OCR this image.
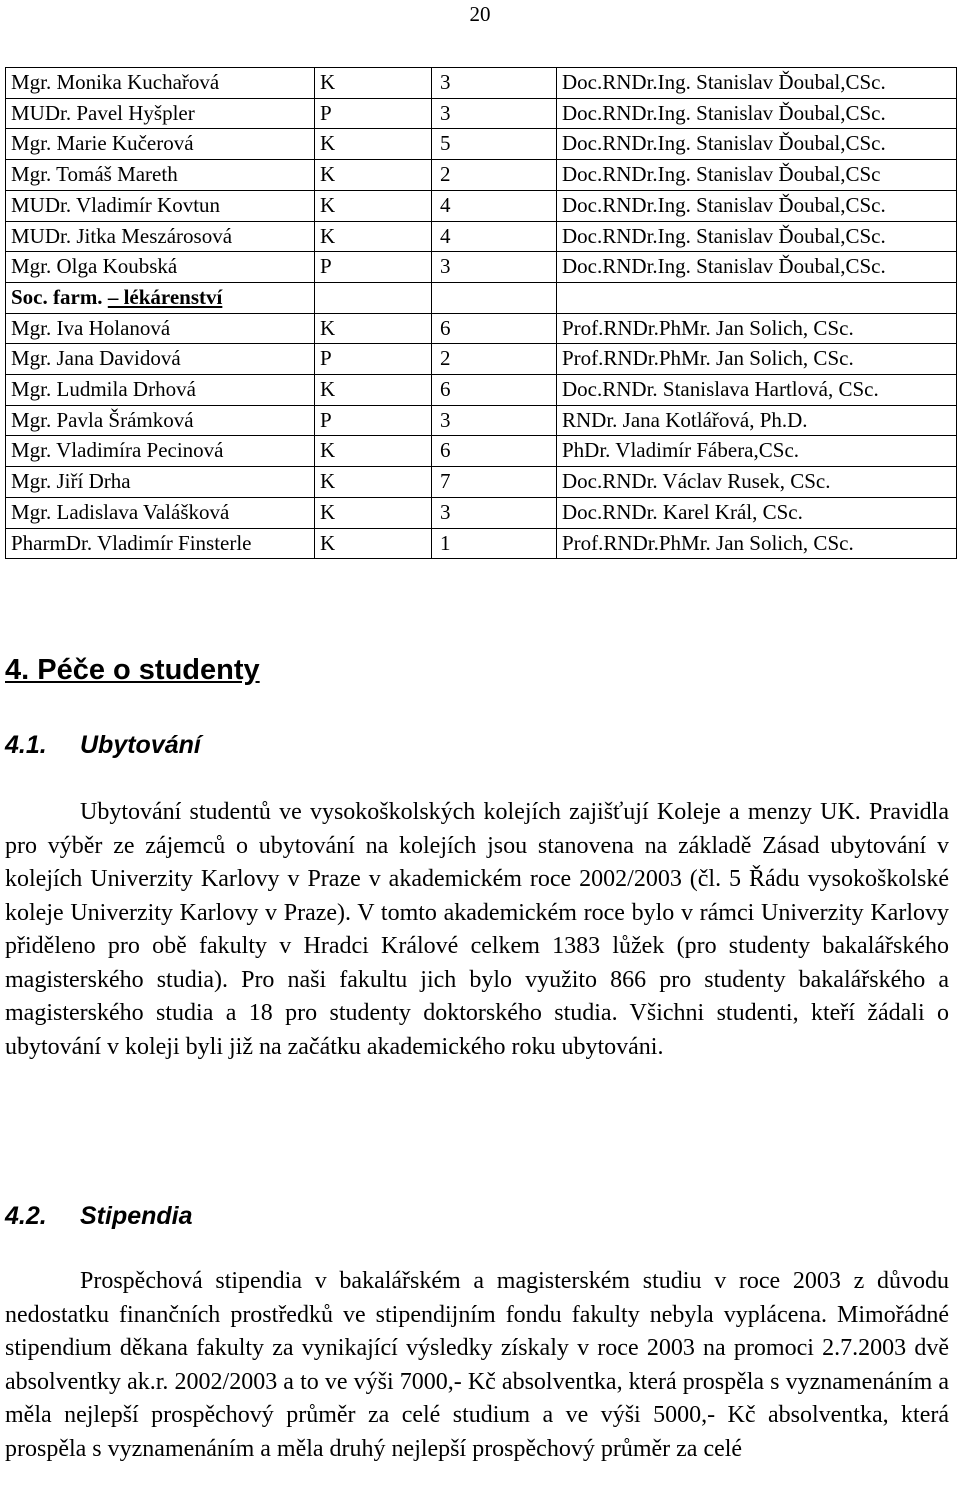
20
Mgr. Monika Kuchařová	K	3	Doc.RNDr.Ing. Stanislav Ďoubal,CSc.
MUDr. Pavel Hyšpler	P	3	Doc.RNDr.Ing. Stanislav Ďoubal,CSc.
Mgr. Marie Kučerová	K	5	Doc.RNDr.Ing. Stanislav Ďoubal,CSc.
Mgr. Tomáš Mareth	K	2	Doc.RNDr.Ing. Stanislav Ďoubal,CSc
MUDr. Vladimír Kovtun	K	4	Doc.RNDr.Ing. Stanislav Ďoubal,CSc.
MUDr. Jitka Meszárosová	K	4	Doc.RNDr.Ing. Stanislav Ďoubal,CSc.
Mgr. Olga Koubská	P	3	Doc.RNDr.Ing. Stanislav Ďoubal,CSc.
Soc. farm. – lékárenství			
Mgr. Iva Holanová	K	6	Prof.RNDr.PhMr. Jan Solich, CSc.
Mgr. Jana Davidová	P	2	Prof.RNDr.PhMr. Jan Solich, CSc.
Mgr. Ludmila Drhová	K	6	Doc.RNDr. Stanislava Hartlová, CSc.
Mgr. Pavla Šrámková	P	3	RNDr. Jana Kotlářová, Ph.D.
Mgr. Vladimíra Pecinová	K	6	PhDr. Vladimír Fábera,CSc.
Mgr. Jiří Drha	K	7	Doc.RNDr. Václav Rusek, CSc.
Mgr. Ladislava Valášková	K	3	Doc.RNDr. Karel Král, CSc.
PharmDr. Vladimír Finsterle	K	1	Prof.RNDr.PhMr. Jan Solich, CSc.
4. Péče o studenty
4.1. Ubytování

Ubytování studentů ve vysokoškolských kolejích zajišťují Koleje a menzy UK. Pravidla pro výběr ze zájemců o ubytování na kolejích jsou stanovena na základě Zásad ubytování v kolejích Univerzity Karlovy v Praze v akademickém roce 2002/2003 (čl. 5 Řádu vysokoškolské koleje Univerzity Karlovy v Praze). V tomto akademickém roce bylo v rámci Univerzity Karlovy přiděleno pro obě fakulty v Hradci Králové celkem 1383 lůžek (pro studenty bakalářského magisterského studia). Pro naši fakultu jich bylo využito 866 pro studenty bakalářského a magisterského studia a 18 pro studenty doktorského studia. Všichni studenti, kteří žádali o ubytování v koleji byli již na začátku akademického roku ubytováni.

4.2. Stipendia

Prospěchová stipendia v bakalářském a magisterském studiu v roce 2003 z důvodu nedostatku finančních prostředků ve stipendijním fondu fakulty nebyla vyplácena. Mimořádné stipendium děkana fakulty za vynikající výsledky získaly v roce 2003 na promoci 2.7.2003 dvě absolventky ak.r. 2002/2003 a to ve výši 7000,- Kč absolventka, která prospěla s vyznamenáním a měla nejlepší prospěchový průměr za celé studium a ve výši 5000,- Kč absolventka, která prospěla s vyznamenáním a měla druhý nejlepší prospěchový průměr za celé
